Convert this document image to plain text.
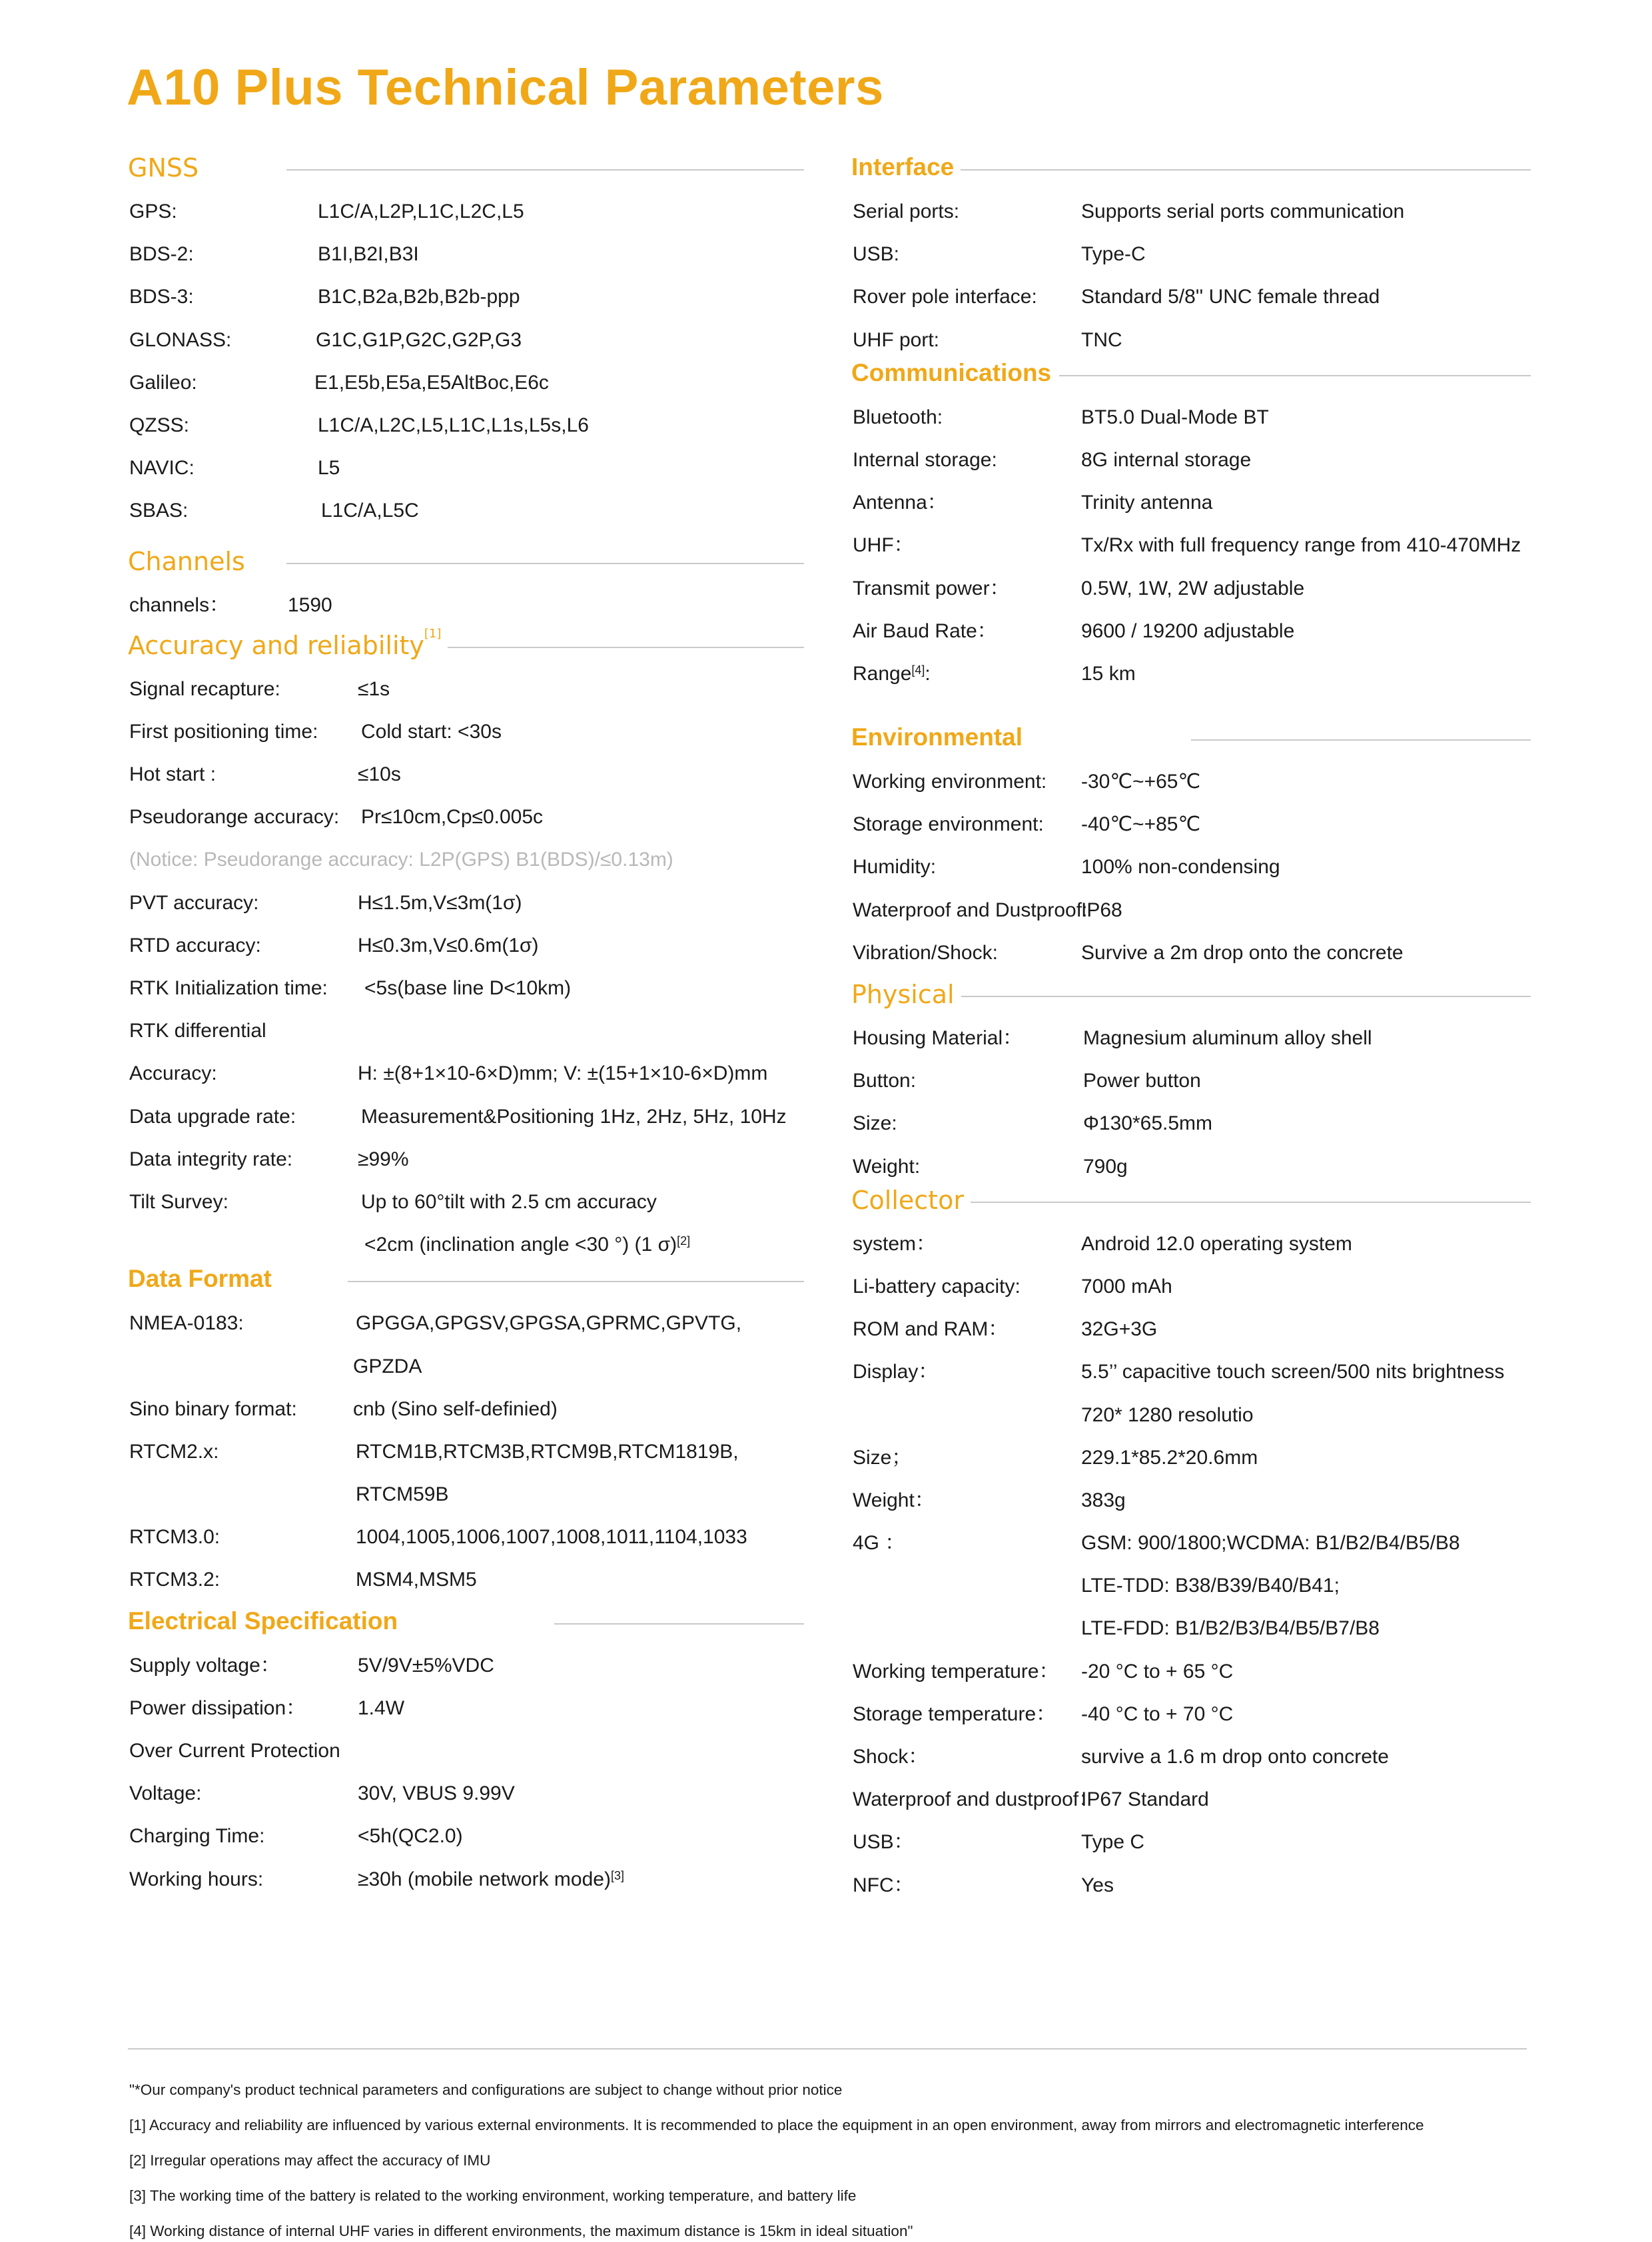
A10 Plus Technical Parameters
GNSS
GPS:	L1C/A,L2P,L1C,L2C,L5
BDS-2:	B1I,B2I,B3I
BDS-3:	B1C,B2a,B2b,B2b-ppp
GLONASS:	G1C,G1P,G2C,G2P,G3
Galileo:	E1,E5b,E5a,E5AltBoc,E6c
QZSS:	L1C/A,L2C,L5,L1C,L1s,L5s,L6
NAVIC:	L5
SBAS:	L1C/A,L5C
Channels
channels：	1590
Accuracy and reliability[1]
Signal recapture:	≤1s
First positioning time: Cold start: <30s
Hot start :	≤10s
Pseudorange accuracy: Pr≤10cm,Cp≤0.005c
(Notice: Pseudorange accuracy: L2P(GPS) B1(BDS)/≤0.13m)
PVT accuracy:	H≤1.5m,V≤3m(1σ)
RTD accuracy:	H≤0.3m,V≤0.6m(1σ)
RTK Initialization time: <5s(base line D<10km)
RTK differential
Accuracy:	H: ±(8+1×10-6×D)mm; V: ±(15+1×10-6×D)mm
Data upgrade rate:	Measurement&Positioning 1Hz, 2Hz, 5Hz, 10Hz
Data integrity rate:	≥99%
Tilt Survey:	Up to 60°tilt with 2.5 cm accuracy
<2cm (inclination angle <30 °) (1 σ)[2]
Data Format
NMEA-0183:	GPGGA,GPGSV,GPGSA,GPRMC,GPVTG,
GPZDA
Sino binary format:	cnb (Sino self-definied)
RTCM2.x:	RTCM1B,RTCM3B,RTCM9B,RTCM1819B,
RTCM59B
RTCM3.0:	1004,1005,1006,1007,1008,1011,1104,1033
RTCM3.2:	MSM4,MSM5
Electrical Specification
Supply voltage：	5V/9V±5%VDC
Power dissipation：	1.4W
Over Current Protection
Voltage:	30V, VBUS 9.99V
Charging Time:	<5h(QC2.0)
Working hours:	≥30h (mobile network mode)[3]
Interface
Serial ports:	Supports serial ports communication
USB:	Type-C
Rover pole interface: Standard 5/8'' UNC female thread
UHF port:	TNC
Communications
Bluetooth:	BT5.0 Dual-Mode BT
Internal storage:	8G internal storage
Antenna：	Trinity antenna
UHF：	Tx/Rx with full frequency range from 410-470MHz
Transmit power：	0.5W, 1W, 2W adjustable
Air Baud Rate：	9600 / 19200 adjustable
Range[4]:	15 km
Environmental
Working environment: -30℃~+65℃
Storage environment: -40℃~+85℃
Humidity:	100% non-condensing
Waterproof and Dustproof:
IP68
Vibration/Shock:	Survive a 2m drop onto the concrete
Physical
Housing Material：	Magnesium aluminum alloy shell
Button:	Power button
Size:	Φ130*65.5mm
Weight:	790g
Collector
system：	Android 12.0 operating system
Li-battery capacity:	7000 mAh
ROM and RAM：	32G+3G
Display：	5.5’’ capacitive touch screen/500 nits brightness
720* 1280 resolutio
Size；	229.1*85.2*20.6mm
Weight：	383g
4G ：	GSM: 900/1800;WCDMA: B1/B2/B4/B5/B8
LTE-TDD: B38/B39/B40/B41;
LTE-FDD: B1/B2/B3/B4/B5/B7/B8
Working temperature： -20 °C to + 65 °C
Storage temperature： -40 °C to + 70 °C
Shock：	survive a 1.6 m drop onto concrete
Waterproof and dustproof：
IP67 Standard
USB：	Type C
NFC：	Yes
"*Our company's product technical parameters and configurations are subject to change without prior notice
[1] Accuracy and reliability are influenced by various external environments. It is recommended to place the equipment in an open environment, away from mirrors and electromagnetic interference
[2] Irregular operations may affect the accuracy of IMU
[3] The working time of the battery is related to the working environment, working temperature, and battery life
[4] Working distance of internal UHF varies in different environments, the maximum distance is 15km in ideal situation"
